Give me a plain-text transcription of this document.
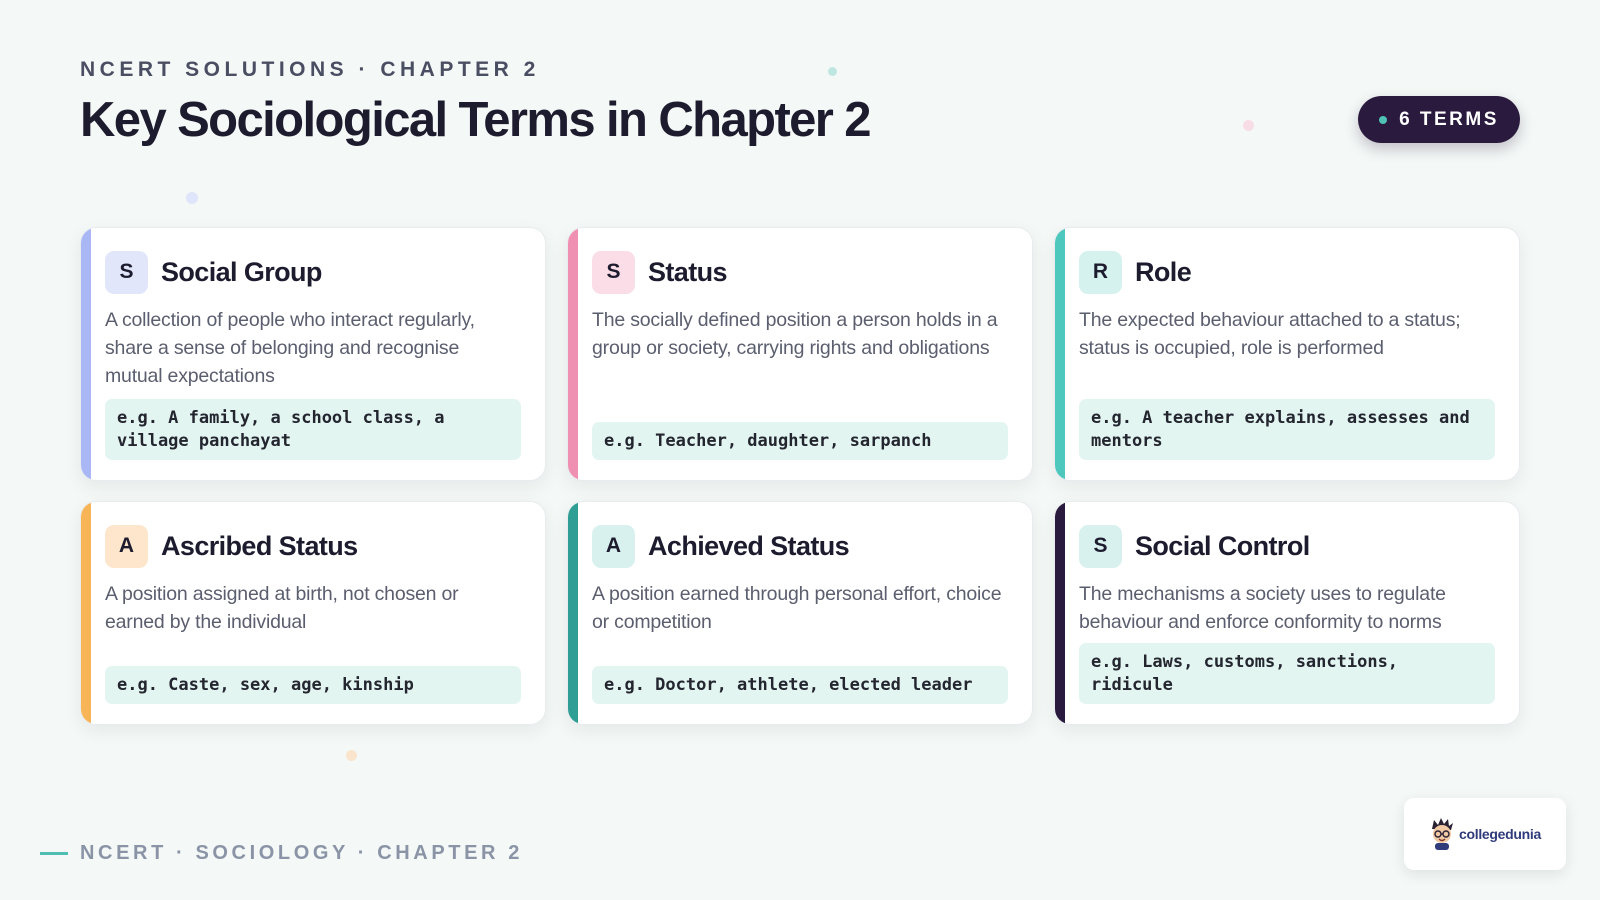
NCERT SOLUTIONS · CHAPTER 2
Key Sociological Terms in Chapter 2	6 TERMS
S	Social Group

A collection of people who interact regularly, share a sense of belonging and recognise mutual expectations

e.g. A family, a school class, a village panchayat
S	Status

The socially defined position a person holds in a group or society, carrying rights and obligations

e.g. Teacher, daughter, sarpanch
R Role

The expected behaviour attached to a status; status is occupied, role is performed

e.g. A teacher explains, assesses and mentors
A Ascribed Status

A position assigned at birth, not chosen or earned by the individual

e.g. Caste, sex, age, kinship
A Achieved Status

A position earned through personal effort, choice or competition

e.g. Doctor, athlete, elected leader
S	Social Control

The mechanisms a society uses to regulate behaviour and enforce conformity to norms

e.g. Laws, customs, sanctions, ridicule
NCERT · SOCIOLOGY · CHAPTER 2
collegedunia
